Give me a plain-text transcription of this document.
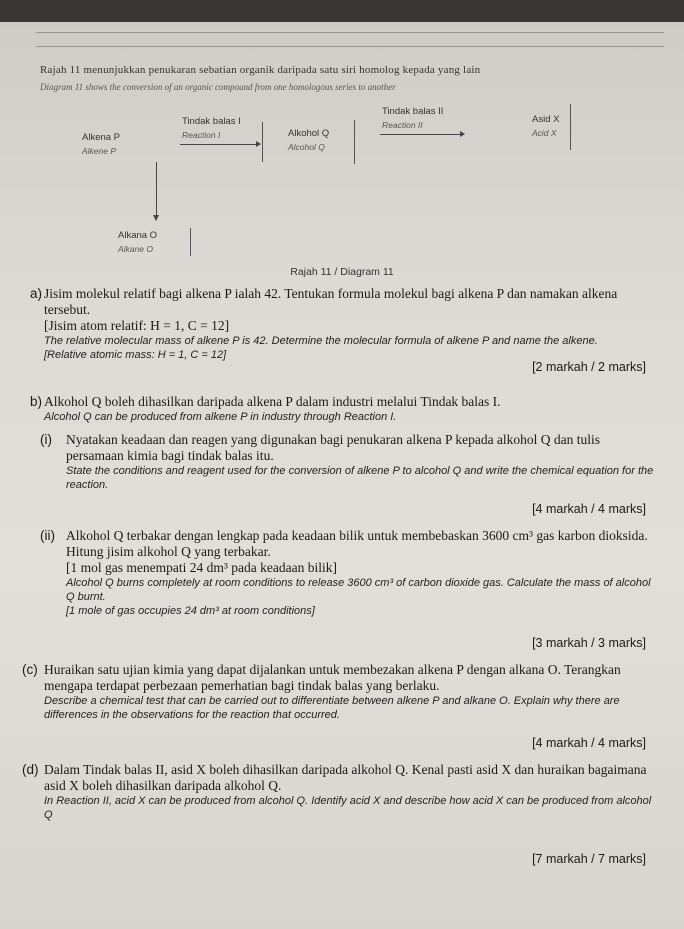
Rajah 11 menunjukkan penukaran sebatian organik daripada satu siri homolog kepada yang lain
Diagram 11 shows the conversion of an organic compound from one homologous series to another
Alkena P
Alkene P
Tindak balas I
Reaction I	Alkohol Q
Alcohol Q
Tindak balas II
Reaction II	Asid X
Acid X
Alkana O
Alkane O
Rajah 11 / Diagram 11
a) Jisim molekul relatif bagi alkena P ialah 42. Tentukan formula molekul bagi alkena P dan namakan alkena tersebut.
[Jisim atom relatif: H = 1, C = 12]
The relative molecular mass of alkene P is 42. Determine the molecular formula of alkene P and name the alkene.
[Relative atomic mass: H = 1, C = 12]
[2 markah / 2 marks]
b) Alkohol Q boleh dihasilkan daripada alkena P dalam industri melalui Tindak balas I.
Alcohol Q can be produced from alkene P in industry through Reaction I.
(i) Nyatakan keadaan dan reagen yang digunakan bagi penukaran alkena P kepada alkohol Q dan tulis persamaan kimia bagi tindak balas itu.
State the conditions and reagent used for the conversion of alkene P to alcohol Q and write the chemical equation for the reaction.
[4 markah / 4 marks]
(ii) Alkohol Q terbakar dengan lengkap pada keadaan bilik untuk membebaskan 3600 cm³ gas karbon dioksida. Hitung jisim alkohol Q yang terbakar.
[1 mol gas menempati 24 dm³ pada keadaan bilik]
Alcohol Q burns completely at room conditions to release 3600 cm³ of carbon dioxide gas. Calculate the mass of alcohol Q burnt.
[1 mole of gas occupies 24 dm³ at room conditions]
[3 markah / 3 marks]
(c) Huraikan satu ujian kimia yang dapat dijalankan untuk membezakan alkena P dengan alkana O. Terangkan mengapa terdapat perbezaan pemerhatian bagi tindak balas yang berlaku.
Describe a chemical test that can be carried out to differentiate between alkene P and alkane O. Explain why there are differences in the observations for the reaction that occurred.
[4 markah / 4 marks]
(d) Dalam Tindak balas II, asid X boleh dihasilkan daripada alkohol Q. Kenal pasti asid X dan huraikan bagaimana asid X boleh dihasilkan daripada alkohol Q.
In Reaction II, acid X can be produced from alcohol Q. Identify acid X and describe how acid X can be produced from alcohol Q
[7 markah / 7 marks]
